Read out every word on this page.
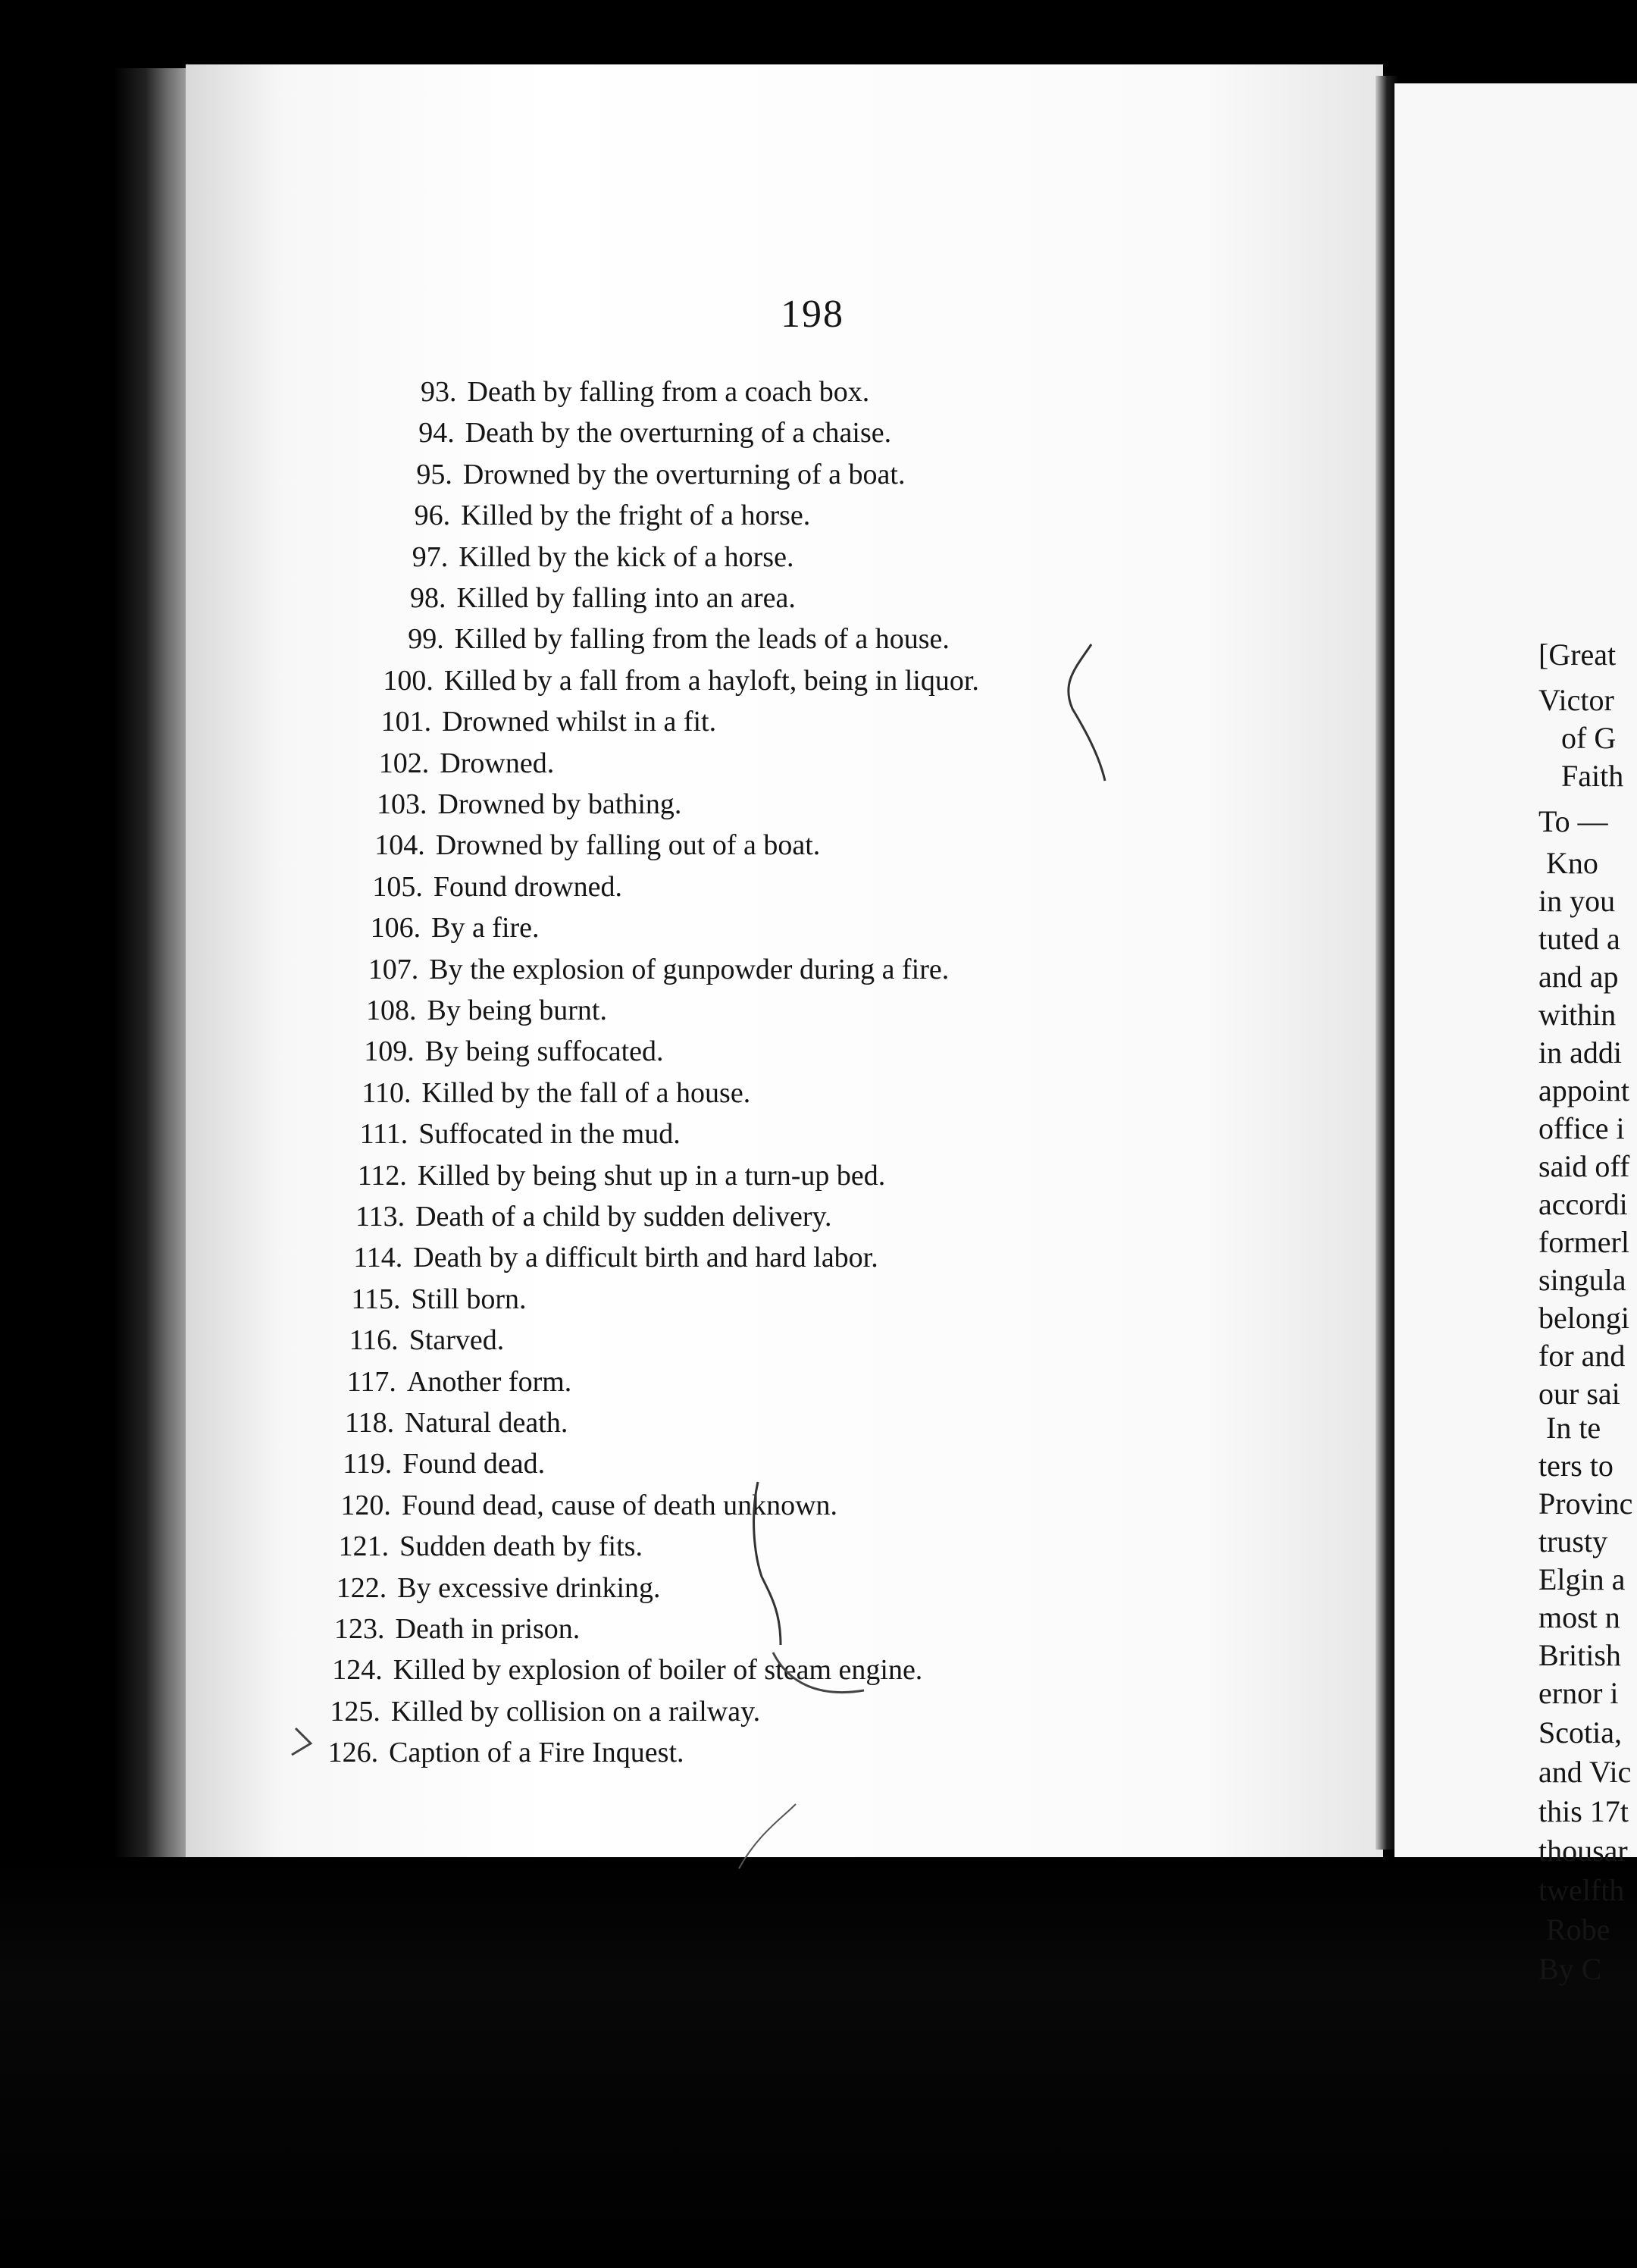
198
93. Death by falling from a coach box.
94. Death by the overturning of a chaise.
95. Drowned by the overturning of a boat.
96. Killed by the fright of a horse.
97. Killed by the kick of a horse.
98. Killed by falling into an area.
99. Killed by falling from the leads of a house.
100. Killed by a fall from a hayloft, being in liquor.
101. Drowned whilst in a fit.
102. Drowned.
103. Drowned by bathing.
104. Drowned by falling out of a boat.
105. Found drowned.
106. By a fire.
107. By the explosion of gunpowder during a fire.
108. By being burnt.
109. By being suffocated.
110. Killed by the fall of a house.
111. Suffocated in the mud.
112. Killed by being shut up in a turn-up bed.
113. Death of a child by sudden delivery.
114. Death by a difficult birth and hard labor.
115. Still born.
116. Starved.
117. Another form.
118. Natural death.
119. Found dead.
120. Found dead, cause of death unknown.
121. Sudden death by fits.
122. By excessive drinking.
123. Death in prison.
124. Killed by explosion of boiler of steam engine.
125. Killed by collision on a railway.
126. Caption of a Fire Inquest.
[Great
Victor
of G
Faith
To —
Kno
in you
tuted a
and ap
within
in addi
appoint
office i
said off
accordi
formerl
singula
belongi
for and
our sai
In te
ters to
Provinc
trusty
Elgin a
most n
British
ernor i
Scotia,
and Vic
this 17t
thousar
twelfth
Robe
By C
